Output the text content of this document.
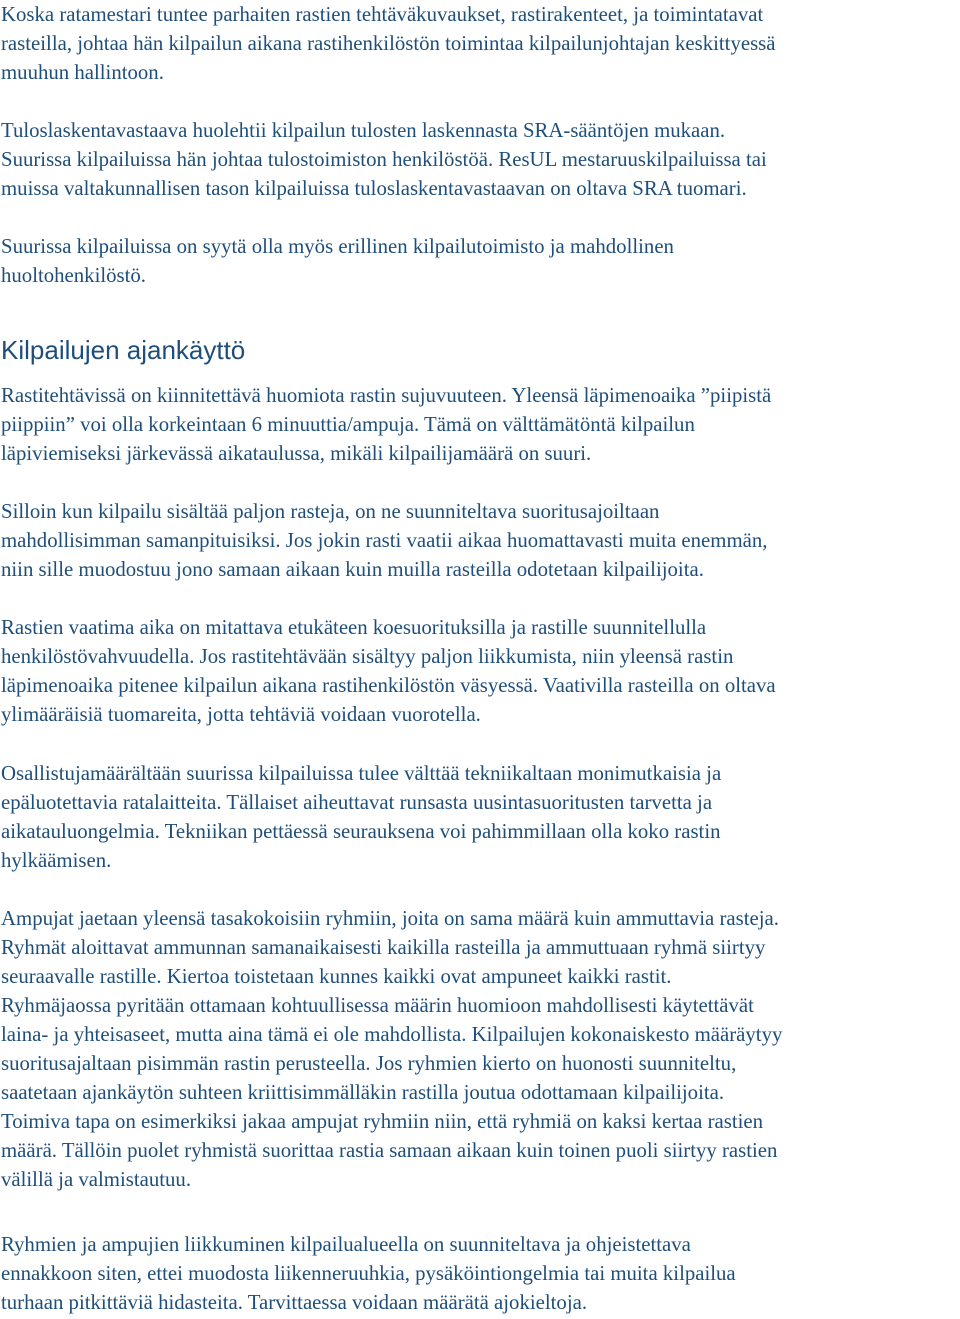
Koska ratamestari tuntee parhaiten rastien tehtäväkuvaukset, rastirakenteet, ja toimintatavat
rasteilla, johtaa hän kilpailun aikana rastihenkilöstön toimintaa kilpailunjohtajan keskittyessä
muuhun hallintoon.

Tuloslaskentavastaava huolehtii kilpailun tulosten laskennasta SRA-sääntöjen mukaan.
Suurissa kilpailuissa hän johtaa tulostoimiston henkilöstöä. ResUL mestaruuskilpailuissa tai
muissa valtakunnallisen tason kilpailuissa tuloslaskentavastaavan on oltava SRA tuomari.

Suurissa kilpailuissa on syytä olla myös erillinen kilpailutoimisto ja mahdollinen
huoltohenkilöstö.

Kilpailujen ajankäyttö

Rastitehtävissä on kiinnitettävä huomiota rastin sujuvuuteen. Yleensä läpimenoaika ”piipistä
piippiin” voi olla korkeintaan 6 minuuttia/ampuja. Tämä on välttämätöntä kilpailun
läpiviemiseksi järkevässä aikataulussa, mikäli kilpailijamäärä on suuri.

Silloin kun kilpailu sisältää paljon rasteja, on ne suunniteltava suoritusajoiltaan
mahdollisimman samanpituisiksi. Jos jokin rasti vaatii aikaa huomattavasti muita enemmän,
niin sille muodostuu jono samaan aikaan kuin muilla rasteilla odotetaan kilpailijoita.

Rastien vaatima aika on mitattava etukäteen koesuorituksilla ja rastille suunnitellulla
henkilöstövahvuudella. Jos rastitehtävään sisältyy paljon liikkumista, niin yleensä rastin
läpimenoaika pitenee kilpailun aikana rastihenkilöstön väsyessä. Vaativilla rasteilla on oltava
ylimääräisiä tuomareita, jotta tehtäviä voidaan vuorotella.

Osallistujamäärältään suurissa kilpailuissa tulee välttää tekniikaltaan monimutkaisia ja
epäluotettavia ratalaitteita. Tällaiset aiheuttavat runsasta uusintasuoritusten tarvetta ja
aikatauluongelmia. Tekniikan pettäessä seurauksena voi pahimmillaan olla koko rastin
hylkäämisen.

Ampujat jaetaan yleensä tasakokoisiin ryhmiin, joita on sama määrä kuin ammuttavia rasteja.
Ryhmät aloittavat ammunnan samanaikaisesti kaikilla rasteilla ja ammuttuaan ryhmä siirtyy
seuraavalle rastille. Kiertoa toistetaan kunnes kaikki ovat ampuneet kaikki rastit.
Ryhmäjaossa pyritään ottamaan kohtuullisessa määrin huomioon mahdollisesti käytettävät
laina- ja yhteisaseet, mutta aina tämä ei ole mahdollista. Kilpailujen kokonaiskesto määräytyy
suoritusajaltaan pisimmän rastin perusteella. Jos ryhmien kierto on huonosti suunniteltu,
saatetaan ajankäytön suhteen kriittisimmälläkin rastilla joutua odottamaan kilpailijoita.
Toimiva tapa on esimerkiksi jakaa ampujat ryhmiin niin, että ryhmiä on kaksi kertaa rastien
määrä. Tällöin puolet ryhmistä suorittaa rastia samaan aikaan kuin toinen puoli siirtyy rastien
välillä ja valmistautuu.

Ryhmien ja ampujien liikkuminen kilpailualueella on suunniteltava ja ohjeistettava
ennakkoon siten, ettei muodosta liikenneruuhkia, pysäköintiongelmia tai muita kilpailua
turhaan pitkittäviä hidasteita. Tarvittaessa voidaan määrätä ajokieltoja.
